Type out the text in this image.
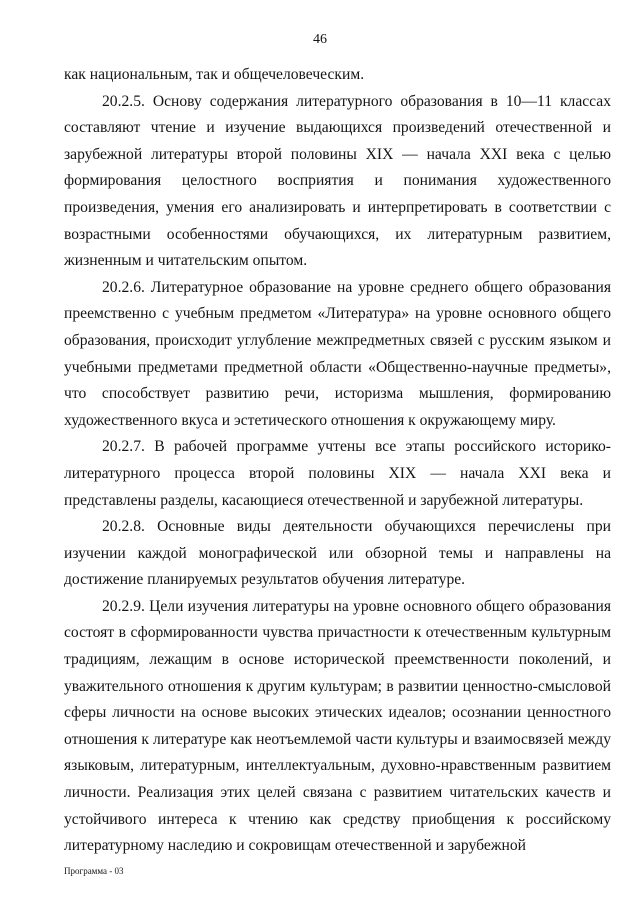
46

как национальным, так и общечеловеческим.

20.2.5. Основу содержания литературного образования в 10—11 классах составляют чтение и изучение выдающихся произведений отечественной и зарубежной литературы второй половины XIX — начала XXI века с целью формирования целостного восприятия и понимания художественного произведения, умения его анализировать и интерпретировать в соответствии с возрастными особенностями обучающихся, их литературным развитием, жизненным и читательским опытом.

20.2.6. Литературное образование на уровне среднего общего образования преемственно с учебным предметом «Литература» на уровне основного общего образования, происходит углубление межпредметных связей с русским языком и учебными предметами предметной области «Общественно-научные предметы», что способствует развитию речи, историзма мышления, формированию художественного вкуса и эстетического отношения к окружающему миру.

20.2.7. В рабочей программе учтены все этапы российского историко-литературного процесса второй половины XIX — начала XXI века и представлены разделы, касающиеся отечественной и зарубежной литературы.

20.2.8. Основные виды деятельности обучающихся перечислены при изучении каждой монографической или обзорной темы и направлены на достижение планируемых результатов обучения литературе.

20.2.9. Цели изучения литературы на уровне основного общего образования состоят в сформированности чувства причастности к отечественным культурным традициям, лежащим в основе исторической преемственности поколений, и уважительного отношения к другим культурам; в развитии ценностно-смысловой сферы личности на основе высоких этических идеалов; осознании ценностного отношения к литературе как неотъемлемой части культуры и взаимосвязей между языковым, литературным, интеллектуальным, духовно-нравственным развитием личности. Реализация этих целей связана с развитием читательских качеств и устойчивого интереса к чтению как средству приобщения к российскому литературному наследию и сокровищам отечественной и зарубежной

Программа - 03
